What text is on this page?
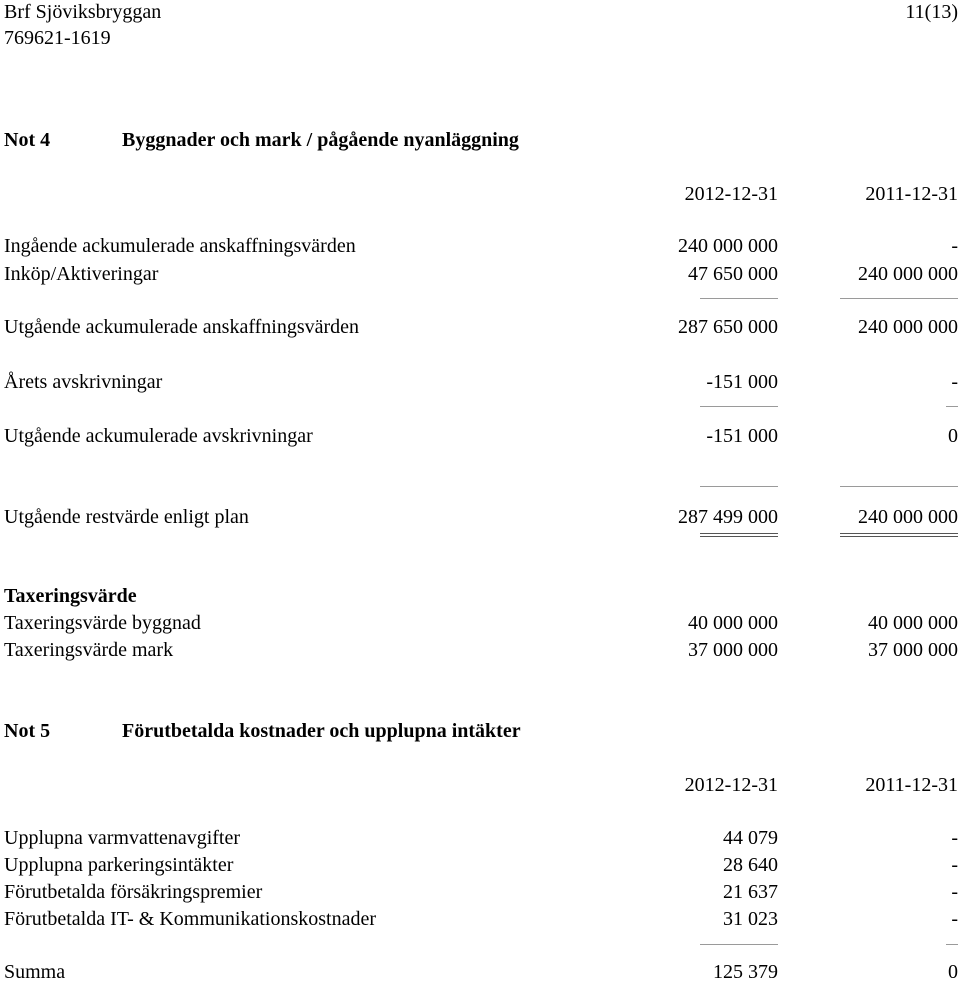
Brf Sjöviksbryggan
769621-1619
11(13)
Not 4	Byggnader och mark / pågående nyanläggning
2012-12-31	2011-12-31
Ingående ackumulerade anskaffningsvärden	240 000 000	-
Inköp/Aktiveringar	47 650 000	240 000 000
Utgående ackumulerade anskaffningsvärden	287 650 000	240 000 000
Årets avskrivningar	-151 000	-
Utgående ackumulerade avskrivningar	-151 000	0
Utgående restvärde enligt plan	287 499 000	240 000 000
Taxeringsvärde
Taxeringsvärde byggnad	40 000 000	40 000 000
Taxeringsvärde mark	37 000 000	37 000 000
Not 5	Förutbetalda kostnader och upplupna intäkter
2012-12-31	2011-12-31
Upplupna varmvattenavgifter	44 079	-
Upplupna parkeringsintäkter	28 640	-
Förutbetalda försäkringspremier	21 637	-
Förutbetalda IT- & Kommunikationskostnader	31 023	-
Summa	125 379	0
